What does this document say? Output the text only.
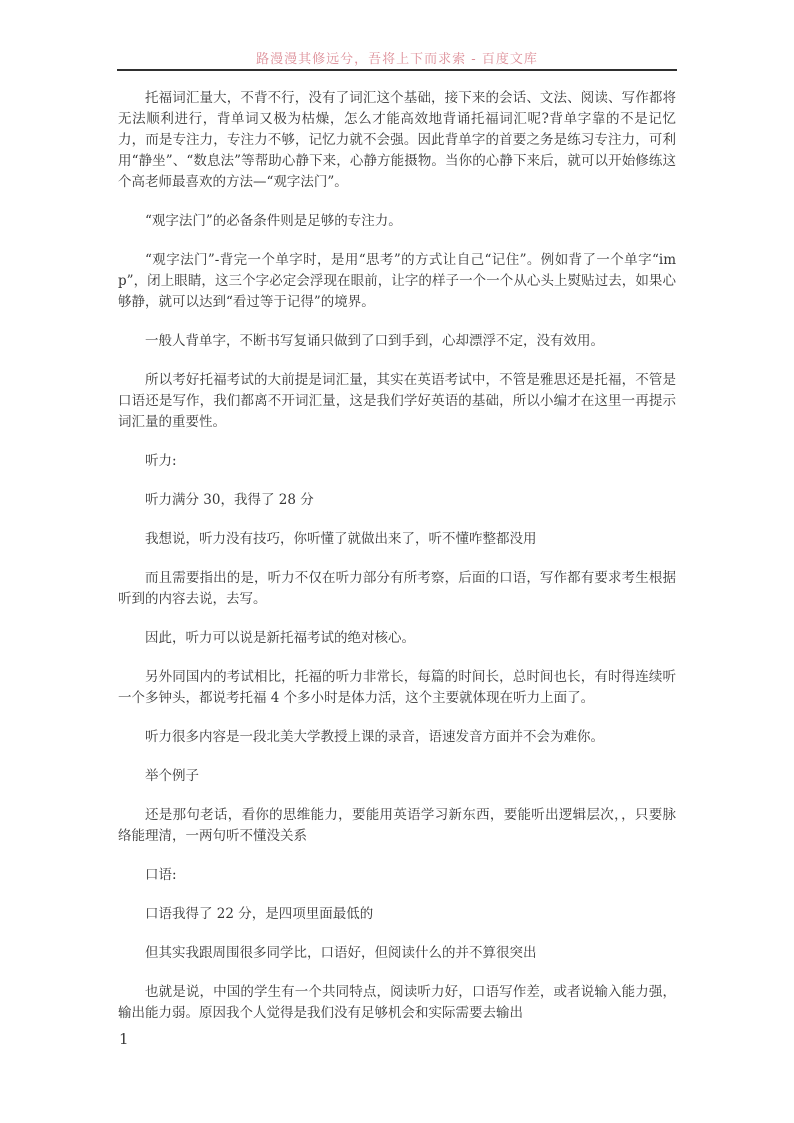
路漫漫其修远兮，吾将上下而求索 - 百度文库

托福词汇量大，不背不行，没有了词汇这个基础，接下来的会话、文法、阅读、写作都将无法顺利进行，背单词又极为枯燥，怎么才能高效地背诵托福词汇呢?背单字靠的不是记忆力，而是专注力，专注力不够，记忆力就不会强。因此背单字的首要之务是练习专注力，可利用“静坐”、“数息法”等帮助心静下来，心静方能摄物。当你的心静下来后，就可以开始修练这个高老师最喜欢的方法—“观字法门”。

“观字法门”的必备条件则是足够的专注力。

“观字法门”-背完一个单字时，是用“思考”的方式让自己“记住”。例如背了一个单字“imp”，闭上眼睛，这三个字必定会浮现在眼前，让字的样子一个一个从心头上熨贴过去，如果心够静，就可以达到“看过等于记得”的境界。

一般人背单字，不断书写复诵只做到了口到手到，心却漂浮不定，没有效用。

所以考好托福考试的大前提是词汇量，其实在英语考试中，不管是雅思还是托福，不管是口语还是写作，我们都离不开词汇量，这是我们学好英语的基础，所以小编才在这里一再提示词汇量的重要性。

听力:

听力满分 30，我得了 28 分

我想说，听力没有技巧，你听懂了就做出来了，听不懂咋整都没用

而且需要指出的是，听力不仅在听力部分有所考察，后面的口语，写作都有要求考生根据听到的内容去说，去写。

因此，听力可以说是新托福考试的绝对核心。

另外同国内的考试相比，托福的听力非常长，每篇的时间长，总时间也长，有时得连续听一个多钟头，都说考托福 4 个多小时是体力活，这个主要就体现在听力上面了。

听力很多内容是一段北美大学教授上课的录音，语速发音方面并不会为难你。

举个例子

还是那句老话，看你的思维能力，要能用英语学习新东西，要能听出逻辑层次，，只要脉络能理清，一两句听不懂没关系

口语:

口语我得了 22 分，是四项里面最低的

但其实我跟周围很多同学比，口语好，但阅读什么的并不算很突出

也就是说，中国的学生有一个共同特点，阅读听力好，口语写作差，或者说输入能力强，输出能力弱。原因我个人觉得是我们没有足够机会和实际需要去输出

1
